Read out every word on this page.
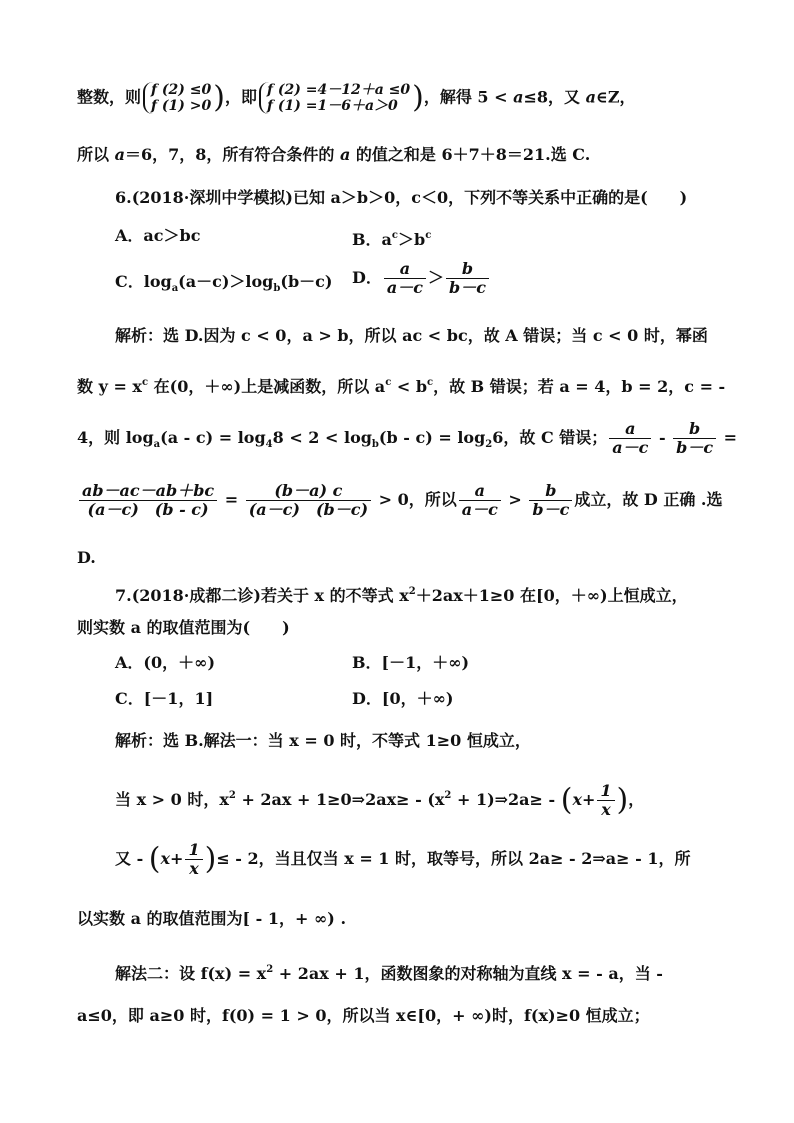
整数，则 f (2) ≤0
f (1) >0 )，即 f (2) =4－12＋a ≤0
f (1) =1－6＋a＞0 )，解得 5 < a≤8，又 a∈Z，
所以 a＝6，7，8，所有符合条件的 a 的值之和是 6＋7＋8＝21.选 C.
6.(2018·深圳中学模拟)已知 a＞b＞0，c＜0，下列不等关系中正确的是(　　)
A．ac＞bc	B．$a^c>b^c$
C．$\log_a(a-c)>\log_b(b-c)$ D． $\frac{a}{a-c} > \frac{b}{b-c}$
解析：选 D.因为 c < 0，a > b，所以 ac < bc，故 A 错误；当 c < 0 时，幂函
数 $y = x^c$ 在(0，＋∞)上是减函数，所以 $a^c < b^c$，故 B 错误；若 a = 4，b = 2，c = -
4，则 $\log_a(a - c) = \log_48 < 2 < \log_b(b - c) = \log_26$，故 C 错误； $\frac{a}{a-c} - \frac{b}{b-c}$ =
$\frac{ab-ac-ab+bc}{(a-c) (b - c)} = \frac{(b-a) c}{(a-c) (b-c)} > 0$，所以 $\frac{a}{a-c} > \frac{b}{b-c}$ 成立，故 D 正确 .选
D.
7.(2018·成都二诊)若关于 x 的不等式 $x^2+2ax+1\ge 0$ 在[0，＋∞)上恒成立，
则实数 a 的取值范围为(　　)
A．(0，＋∞)	B．[－1，＋∞)
C．[－1，1]	D．[0，＋∞)
解析：选 B.解法一：当 x = 0 时，不等式 1≥0 恒成立，
当 x > 0 时，$x^2 + 2ax$ + 1≥0⇒2ax≥ - ($x^2$ + 1)⇒2a≥ - ($x+ \frac{1}{x}$ )，
又 - ($x+ \frac{1}{x}$ )≤ - 2，当且仅当 x = 1 时，取等号，所以 2a≥ - 2⇒a≥ - 1，所
以实数 a 的取值范围为[ - 1，+ ∞) .
解法二：设 $f(x) = x^2 + 2ax + 1$，函数图象的对称轴为直线 x = - a，当 -
a≤0，即 a≥0 时，f(0) = 1 > 0，所以当 x∈[0，+ ∞)时，f(x)≥0 恒成立；
